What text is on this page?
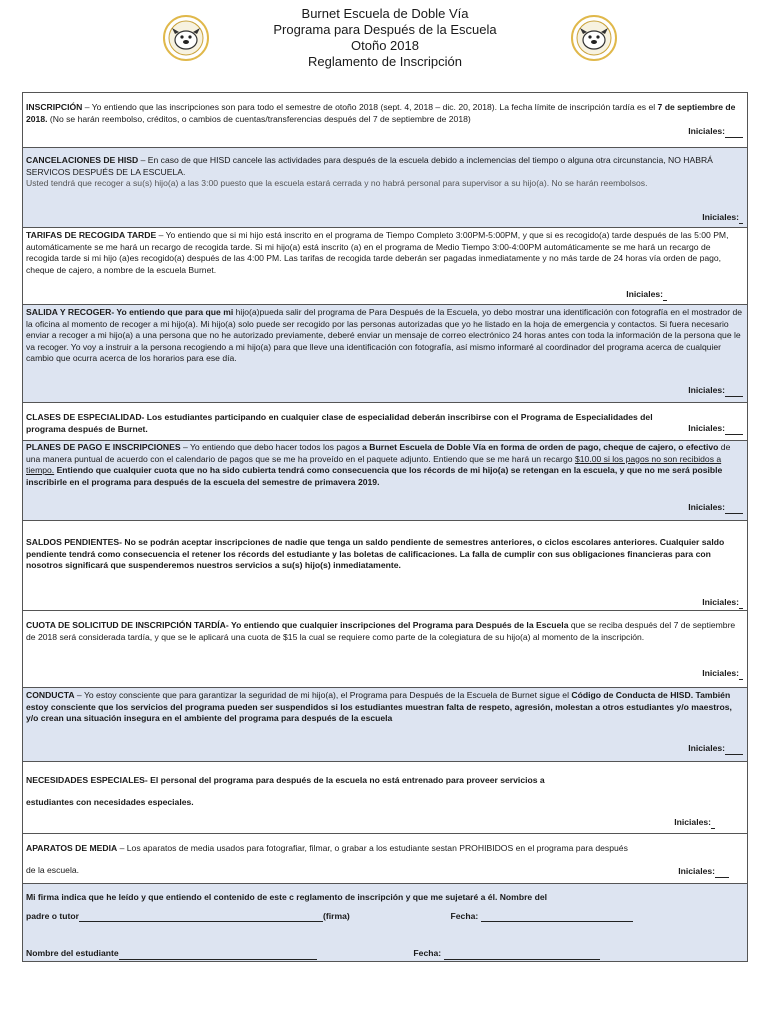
Burnet Escuela de Doble Vía
Programa para Después de la Escuela
Otoño 2018
Reglamento de Inscripción

INSCRIPCIÓN – Yo entiendo que las inscripciones son para todo el semestre de otoño 2018 (sept. 4, 2018 – dic. 20, 2018). La fecha límite de inscripción tardía es el 7 de septiembre de 2018. (No se harán reembolso, créditos, o cambios de cuentas/transferencias después del 7 de septiembre de 2018)

Iniciales:

CANCELACIONES DE HISD – En caso de que HISD cancele las actividades para después de la escuela debido a inclemencias del tiempo o alguna otra circunstancia, NO HABRÁ SERVICOS DESPUÉS DE LA ESCUELA.

Usted tendrá que recoger a su(s) hijo(a) a las 3:00 puesto que la escuela estará cerrada y no habrá personal para supervisor a su hijo(a). No se harán reembolsos.

Iniciales:

TARIFAS DE RECOGIDA TARDE – Yo entiendo que si mi hijo está inscrito en el programa de Tiempo Completo 3:00PM-5:00PM, y que si es recogido(a) tarde después de las 5:00 PM, automáticamente se me hará un recargo de recogida tarde. Si mi hijo(a) está inscrito (a) en el programa de Medio Tiempo 3:00-4:00PM automáticamente se me hará un recargo de recogida tarde si mi hijo (a)es recogido(a) después de las 4:00 PM. Las tarifas de recogida tarde deberán ser pagadas inmediatamente y no más tarde de 24 horas vía orden de pago, cheque de cajero, a nombre de la escuela Burnet.

Iniciales:

SALIDA Y RECOGER- Yo entiendo que para que mi hijo(a)pueda salir del programa de Para Después de la Escuela, yo debo mostrar una identificación con fotografía en el mostrador de la oficina al momento de recoger a mi hijo(a). Mi hijo(a) solo puede ser recogido por las personas autorizadas que yo he listado en la hoja de emergencia y contactos. Si fuera necesario enviar a recoger a mi hijo(a) a una persona que no he autorizado previamente, deberé enviar un mensaje de correo electrónico 24 horas antes con toda la información de la persona que le va recoger. Yo voy a instruir a la persona recogiendo a mi hijo(a) para que lleve una identificación con fotografía, así mismo informaré al coordinador del programa acerca de cualquier cambio que ocurra acerca de los horarios para ese día.

Iniciales:

CLASES DE ESPECIALIDAD- Los estudiantes participando en cualquier clase de especialidad deberán inscribirse con el Programa de Especialidades del programa después de Burnet.	Iniciales:

PLANES DE PAGO E INSCRIPCIONES – Yo entiendo que debo hacer todos los pagos a Burnet Escuela de Doble Vía en forma de orden de pago, cheque de cajero, o efectivo de una manera puntual de acuerdo con el calendario de pagos que se me ha proveído en el paquete adjunto. Entiendo que se me hará un recargo $10.00 si los pagos no son recibidos a tiempo. Entiendo que cualquier cuota que no ha sido cubierta tendrá como consecuencia que los récords de mi hijo(a) se retengan en la escuela, y que no me será posible inscribirle en el programa para después de la escuela del semestre de primavera 2019.

Iniciales:

SALDOS PENDIENTES- No se podrán aceptar inscripciones de nadie que tenga un saldo pendiente de semestres anteriores, o ciclos escolares anteriores. Cualquier saldo pendiente tendrá como consecuencia el retener los récords del estudiante y las boletas de calificaciones. La falla de cumplir con sus obligaciones financieras para con nosotros significará que suspenderemos nuestros servicios a su(s) hijo(s) inmediatamente.

Iniciales:

CUOTA DE SOLICITUD DE INSCRIPCIÓN TARDÍA- Yo entiendo que cualquier inscripciones del Programa para Después de la Escuela que se reciba después del 7 de septiembre de 2018 será considerada tardía, y que se le aplicará una cuota de $15 la cual se requiere como parte de la colegiatura de su hijo(a) al momento de la inscripción.

Iniciales:

CONDUCTA – Yo estoy consciente que para garantizar la seguridad de mi hijo(a), el Programa para Después de la Escuela de Burnet sigue el Código de Conducta de HISD. También estoy consciente que los servicios del programa pueden ser suspendidos si los estudiantes muestran falta de respeto, agresión, molestan a otros estudiantes y/o maestros, y/o crean una situación insegura en el ambiente del programa para después de la escuela

Iniciales:

NECESIDADES ESPECIALES- El personal del programa para después de la escuela no está entrenado para proveer servicios a

estudiantes con necesidades especiales.

Iniciales:

APARATOS DE MEDIA – Los aparatos de media usados para fotografiar, filmar, o grabar a los estudiante sestan PROHIBIDOS en el programa para después

de la escuela.	Iniciales:

Mi firma indica que he leído y que entiendo el contenido de este c reglamento de inscripción y que me sujetaré a él. Nombre del

padre o tutor	(firma)	Fecha:

Nombre del estudiante	Fecha:
